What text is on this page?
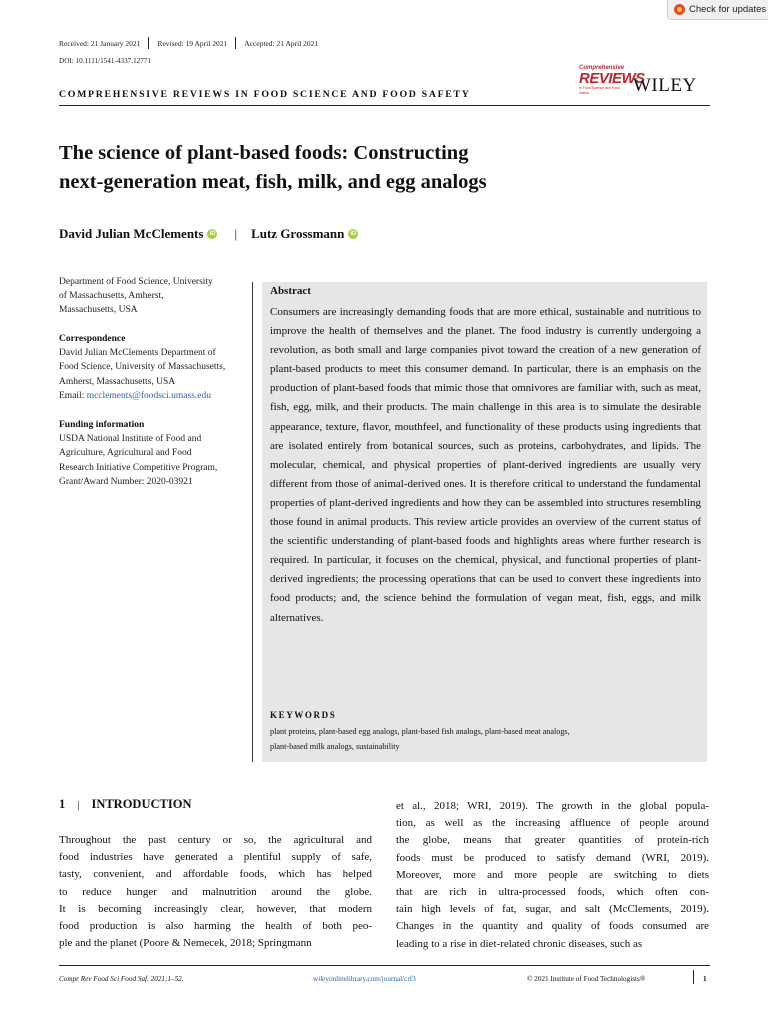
Check for updates
Received: 21 January 2021 Revised: 19 April 2021 Accepted: 21 April 2021
DOI: 10.1111/1541-4337.12771
Comprehensive
REVIEWS
in Food Science and Food Safety	WILEY
COMPREHENSIVE REVIEWS IN FOOD SCIENCE AND FOOD SAFETY
The science of plant-based foods: Constructing
next-generation meat, fish, milk, and egg analogs
David Julian McClements	iD | Lutz Grossmann	iD
Department of Food Science, University
of Massachusetts, Amherst,
Massachusetts, USA
Correspondence
David Julian McClements Department of
Food Science, University of Massachusetts,
Amherst, Massachusetts, USA
Email: mcclements@foodsci.umass.edu
Funding information
USDA National Institute of Food and
Agriculture, Agricultural and Food
Research Initiative Competitive Program,
Grant/Award Number: 2020-03921
Abstract
Consumers are increasingly demanding foods that are more ethical, sustainable and nutritious to improve the health of themselves and the planet. The food industry is currently undergoing a revolution, as both small and large companies pivot toward the creation of a new generation of plant-based products to meet this consumer demand. In particular, there is an emphasis on the production of plant-based foods that mimic those that omnivores are familiar with, such as meat, fish, egg, milk, and their products. The main challenge in this area is to simulate the desirable appearance, texture, flavor, mouthfeel, and functionality of these products using ingredients that are isolated entirely from botanical sources, such as proteins, carbohydrates, and lipids. The molecular, chemical, and physical properties of plant-derived ingredients are usually very different from those of animal-derived ones. It is therefore critical to understand the fundamental properties of plant-derived ingredients and how they can be assembled into structures resembling those found in animal products. This review article provides an overview of the current status of the scientific understanding of plant-based foods and highlights areas where further research is required. In particular, it focuses on the chemical, physical, and functional properties of plant-derived ingredients; the processing operations that can be used to convert these ingredients into food products; and, the science behind the formulation of vegan meat, fish, eggs, and milk alternatives.
KEYWORDS
plant proteins, plant-based egg analogs, plant-based fish analogs, plant-based meat analogs,
plant-based milk analogs, sustainability
1 | INTRODUCTION
Throughout the past century or so, the agricultural and
food industries have generated a plentiful supply of safe,
tasty, convenient, and affordable foods, which has helped
to reduce hunger and malnutrition around the globe.
It is becoming increasingly clear, however, that modern
food production is also harming the health of both peo-
ple and the planet (Poore & Nemecek, 2018; Springmann
et al., 2018; WRI, 2019). The growth in the global popula-
tion, as well as the increasing affluence of people around
the globe, means that greater quantities of protein-rich
foods must be produced to satisfy demand (WRI, 2019).
Moreover, more and more people are switching to diets
that are rich in ultra-processed foods, which often con-
tain high levels of fat, sugar, and salt (McClements, 2019).
Changes in the quantity and quality of foods consumed are
leading to a rise in diet-related chronic diseases, such as
Compr Rev Food Sci Food Saf. 2021;1–52.	wileyonlinelibrary.com/journal/crf3	© 2021 Institute of Food Technologists®	1
